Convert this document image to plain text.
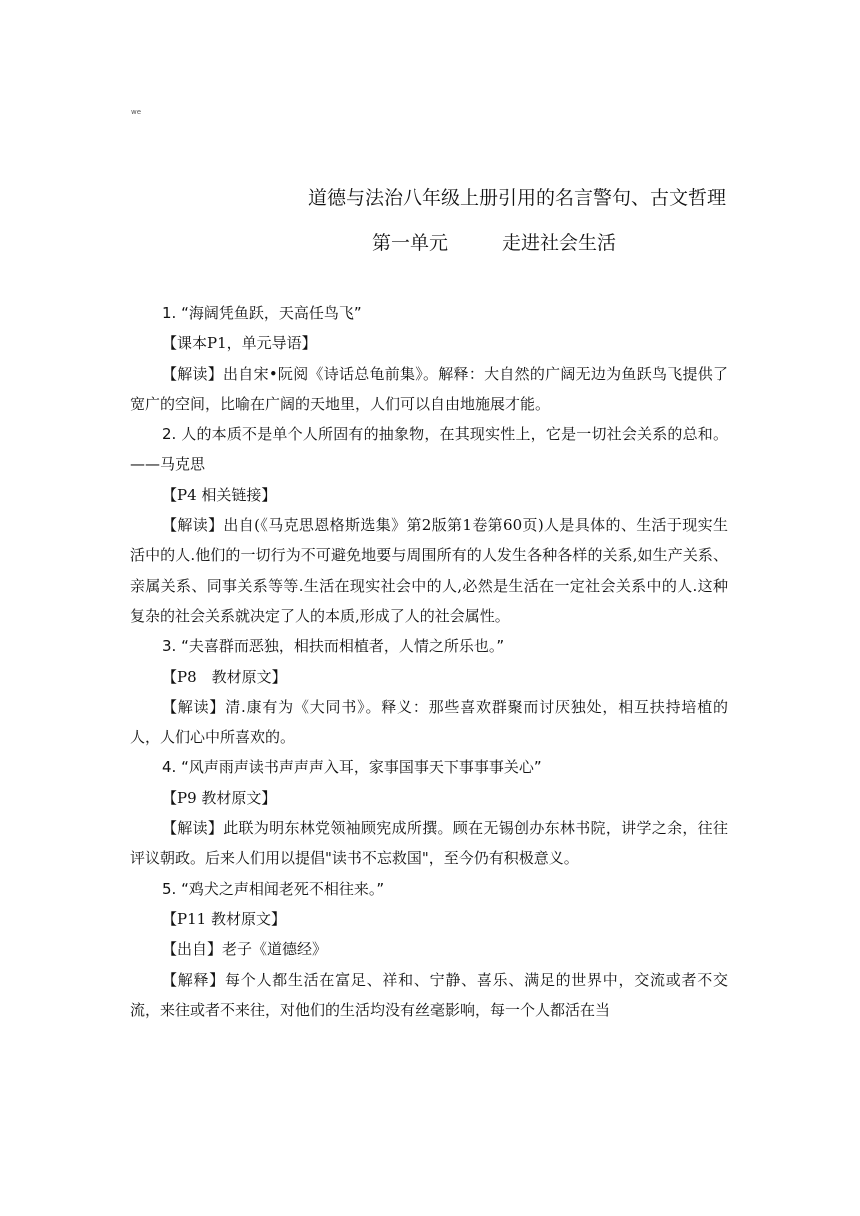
we
道德与法治八年级上册引用的名言警句、古文哲理
第一单元	走进社会生活

1. “海阔凭鱼跃，天高任鸟飞”

【课本P1，单元导语】

【解读】出自宋•阮阅《诗话总龟前集》。解释：大自然的广阔无边为鱼跃鸟飞提供了宽广的空间，比喻在广阔的天地里，人们可以自由地施展才能。

2. 人的本质不是单个人所固有的抽象物，在其现实性上，它是一切社会关系的总和。——马克思

【P4 相关链接】

【解读】出自(《马克思恩格斯选集》第2版第1卷第60页)人是具体的、生活于现实生活中的人.他们的一切行为不可避免地要与周围所有的人发生各种各样的关系,如生产关系、亲属关系、同事关系等等.生活在现实社会中的人,必然是生活在一定社会关系中的人.这种复杂的社会关系就决定了人的本质,形成了人的社会属性。

3. “夫喜群而恶独，相扶而相植者，人情之所乐也。”

【P8　教材原文】

【解读】清.康有为《大同书》。释义：那些喜欢群聚而讨厌独处，相互扶持培植的人，人们心中所喜欢的。

4. “风声雨声读书声声声入耳，家事国事天下事事事关心”

【P9 教材原文】

【解读】此联为明东林党领袖顾宪成所撰。顾在无锡创办东林书院，讲学之余，往往评议朝政。后来人们用以提倡"读书不忘救国"，至今仍有积极意义。

5. “鸡犬之声相闻老死不相往来。”

【P11 教材原文】

【出自】老子《道德经》

【解释】每个人都生活在富足、祥和、宁静、喜乐、满足的世界中，交流或者不交流，来往或者不来往，对他们的生活均没有丝毫影响，每一个人都活在当
